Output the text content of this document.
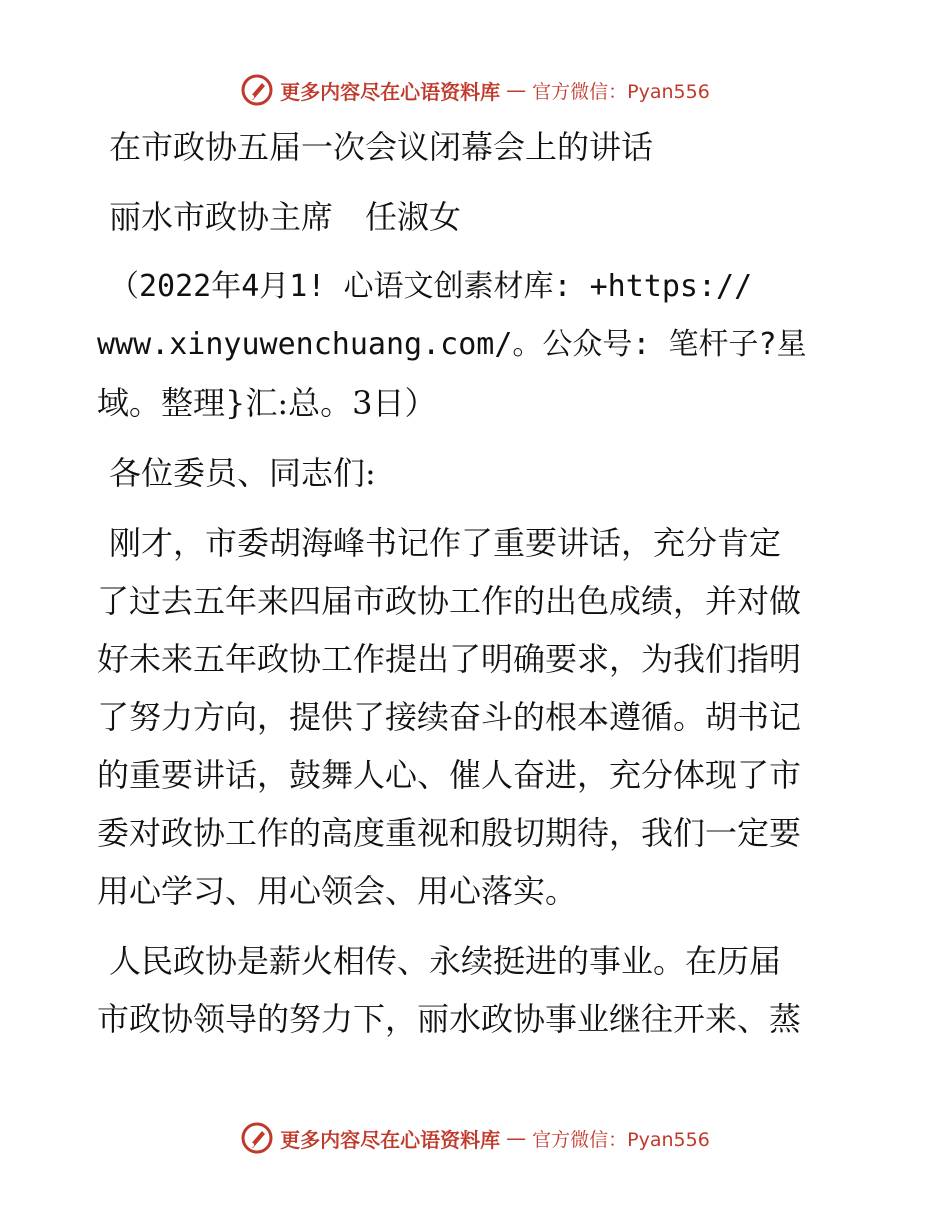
更多内容尽在心语资料库 — 官方微信：Pyan556

在市政协五届一次会议闭幕会上的讲话

丽水市政协主席　任淑女

（2022年4月1! 心语文创素材库: +https://

www.xinyuwenchuang.com/。公众号: 笔杆子?星

域。整理}汇:总。3日）

各位委员、同志们:

刚才，市委胡海峰书记作了重要讲话，充分肯定

了过去五年来四届市政协工作的出色成绩，并对做

好未来五年政协工作提出了明确要求，为我们指明

了努力方向，提供了接续奋斗的根本遵循。胡书记

的重要讲话，鼓舞人心、催人奋进，充分体现了市

委对政协工作的高度重视和殷切期待，我们一定要

用心学习、用心领会、用心落实。

人民政协是薪火相传、永续挺进的事业。在历届

市政协领导的努力下，丽水政协事业继往开来、蒸

更多内容尽在心语资料库 — 官方微信：Pyan556
